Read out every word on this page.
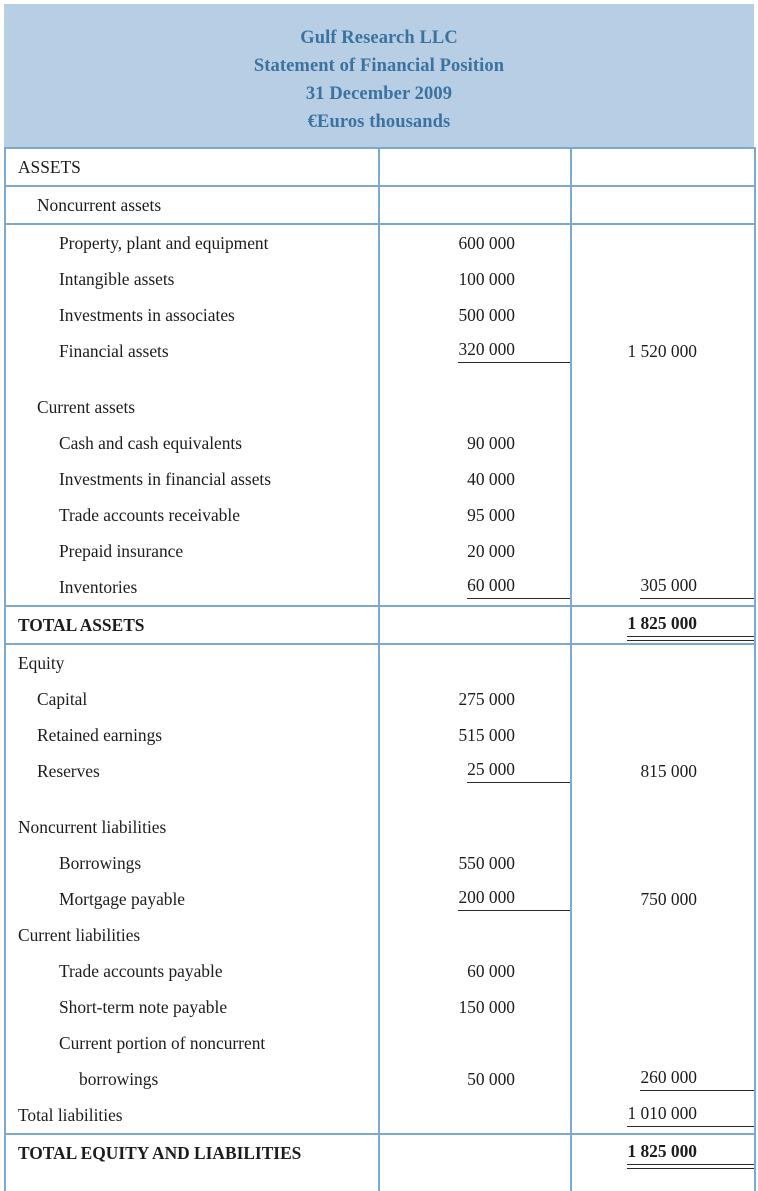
Gulf Research LLC
Statement of Financial Position
31 December 2009
€Euros thousands
ASSETS		

Noncurrent assets		

Property, plant and equipment	600 000	

Intangible assets	100 000	

Investments in associates	500 000	

Financial assets	320 000	1 520 000

Current assets		

Cash and cash equivalents	90 000	

Investments in financial assets	40 000	

Trade accounts receivable	95 000	

Prepaid insurance	20 000	

Inventories	60 000	305 000

TOTAL ASSETS		1 825 000

Equity		

Capital	275 000	

Retained earnings	515 000	

Reserves	25 000	815 000

Noncurrent liabilities		

Borrowings	550 000	

Mortgage payable	200 000	750 000

Current liabilities		

Trade accounts payable	60 000	

Short-term note payable	150 000	

Current portion of noncurrent		

borrowings	50 000	260 000

Total liabilities		1 010 000

TOTAL EQUITY AND LIABILITIES		1 825 000
